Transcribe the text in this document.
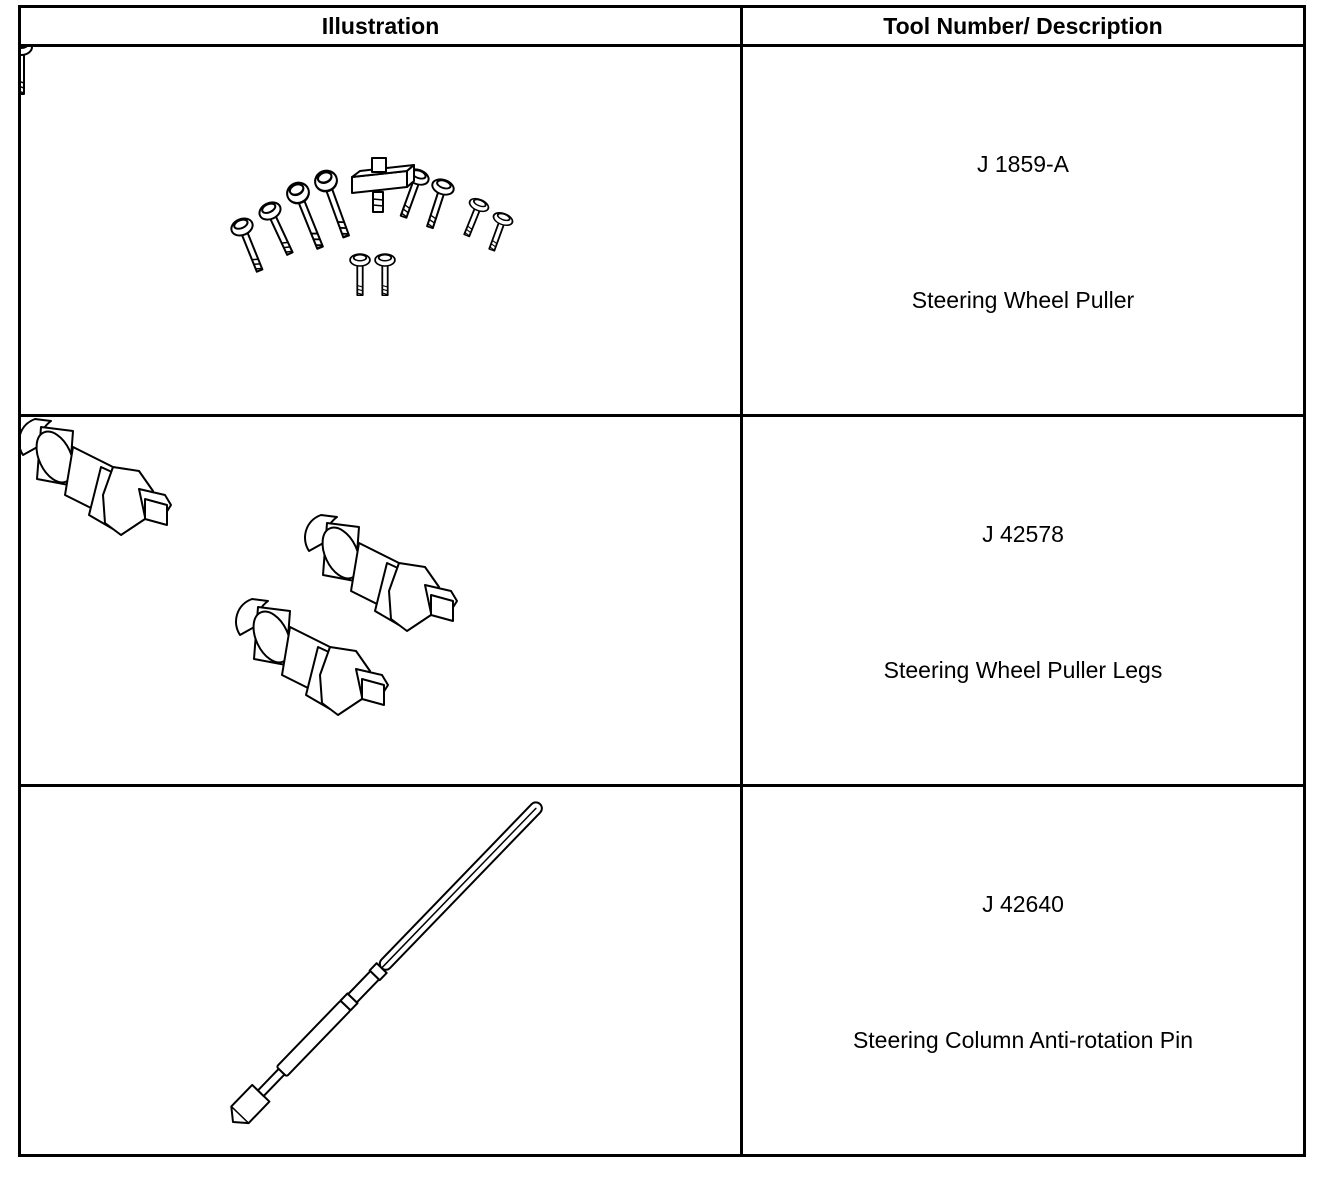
Illustration	Tool Number/ Description

J 1859-A
Steering Wheel Puller

J 42578
Steering Wheel Puller Legs

J 42640
Steering Column Anti-rotation Pin
